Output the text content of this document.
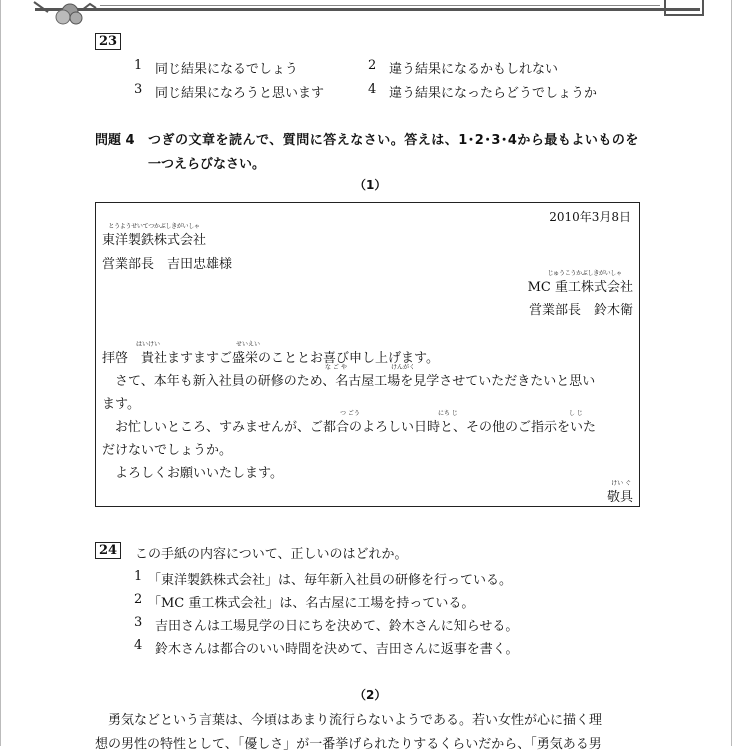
23
1 同じ結果になるでしょう	2 違う結果になるかもしれない
3 同じ結果になろうと思います	4 違う結果になったらどうでしょうか
問題 4 つぎの文章を読んで、質問に答えなさい。答えは、1･2･3･4から最もよいものを
一つえらびなさい。
（1）
2010年3月8日
とうようせいてつかぶしきがいしゃ
東洋製鉄株式会社
営業部長　吉田忠雄様
じゅうこうかぶしきがいしゃ
MC 重工株式会社
営業部長　鈴木衛
はいけい	せいえい
拝啓　貴社ますますご盛栄のこととお喜び申し上げます。
な ご や	けんがく
さて、本年も新入社員の研修のため、名古屋工場を見学させていただきたいと思い
ます。
つ ごう	にち じ	し じ
お忙しいところ、すみませんが、ご都合のよろしい日時と、その他のご指示をいた
だけないでしょうか。
よろしくお願いいたします。
けい ぐ
敬具
24	この手紙の内容について、正しいのはどれか。
1 「東洋製鉄株式会社」は、毎年新入社員の研修を行っている。
2 「MC 重工株式会社」は、名古屋に工場を持っている。
3 吉田さんは工場見学の日にちを決めて、鈴木さんに知らせる。
4 鈴木さんは都合のいい時間を決めて、吉田さんに返事を書く。
（2）
勇気などという言葉は、今頃はあまり流行らないようである。若い女性が心に描く理
想の男性の特性として、「優しさ」が一番挙げられたりするくらいだから、「勇気ある男
